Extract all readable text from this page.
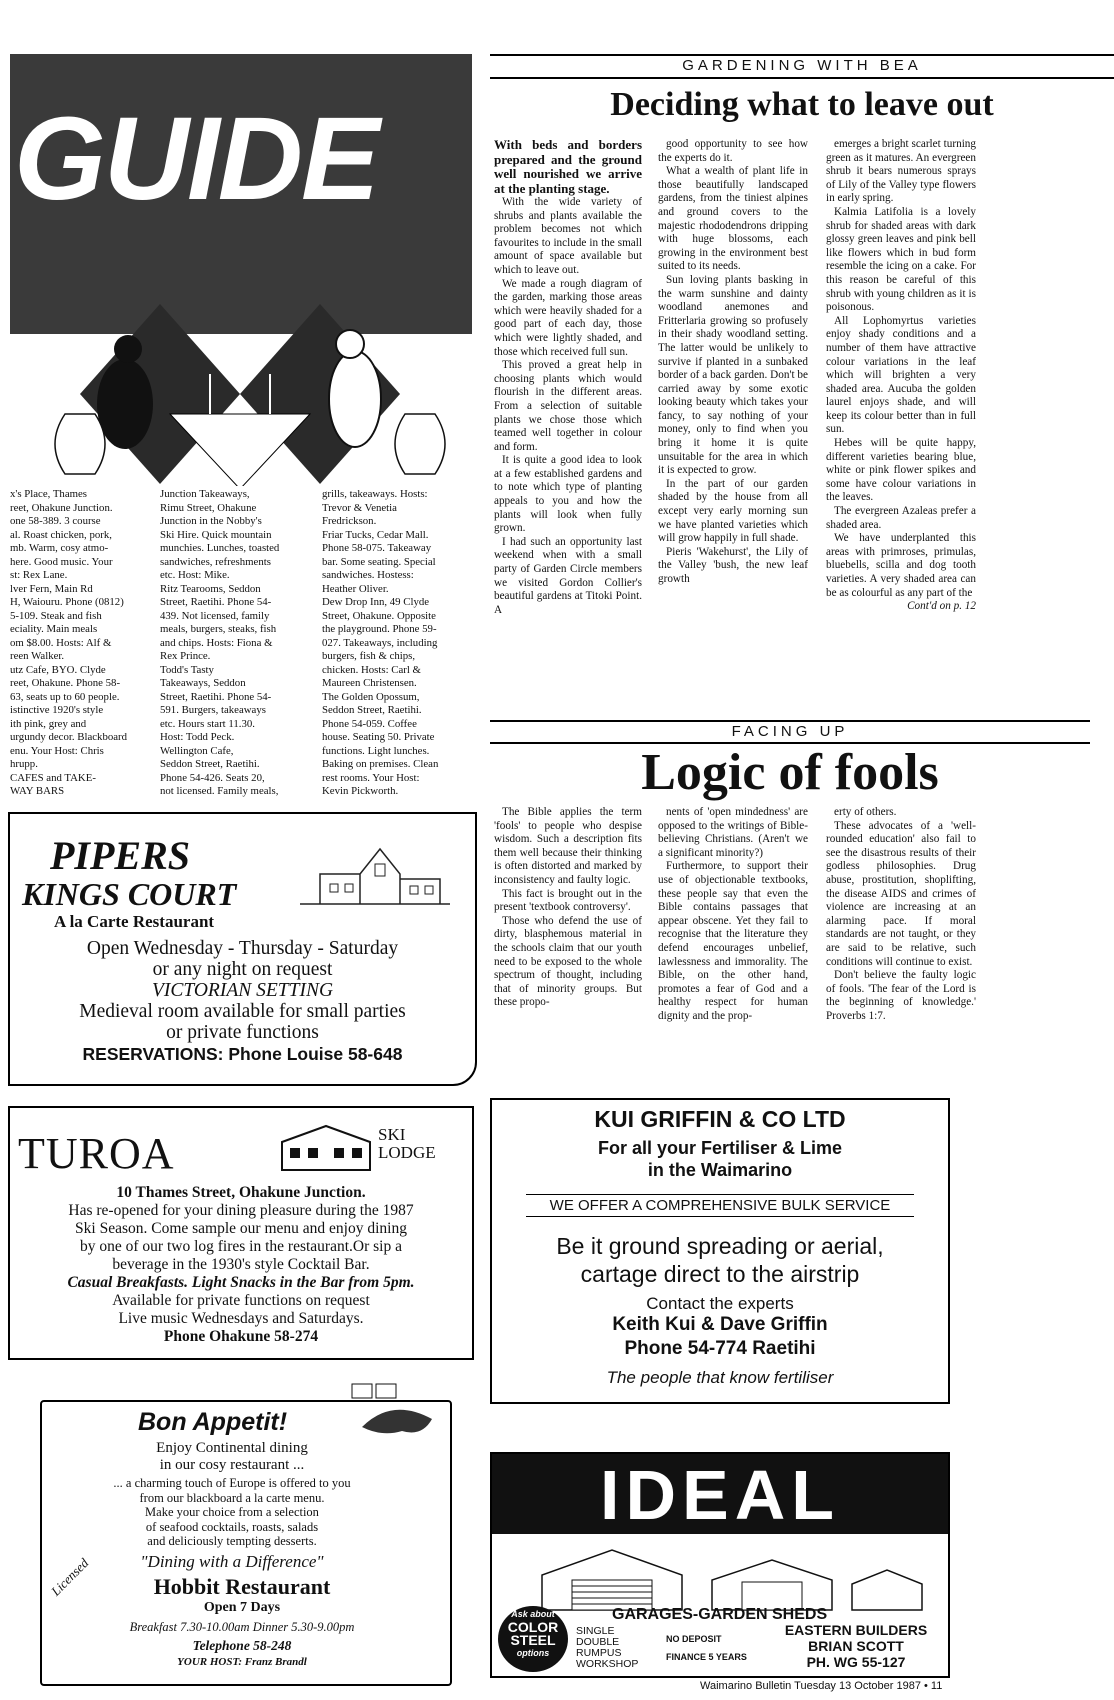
GUIDE
x's Place, Thames
reet, Ohakune Junction.
one 58-389. 3 course
al. Roast chicken, pork,
mb. Warm, cosy atmo-
here. Good music. Your
st: Rex Lane.
lver Fern, Main Rd
H, Waiouru. Phone (0812)
5-109. Steak and fish
eciality. Main meals
om $8.00. Hosts: Alf &
reen Walker.
utz Cafe, BYO. Clyde
reet, Ohakune. Phone 58-
63, seats up to 60 people.
istinctive 1920's style
ith pink, grey and
urgundy decor. Blackboard
enu. Your Host: Chris
hrupp.
CAFES and TAKE-
WAY BARS
Junction Takeaways,
Rimu Street, Ohakune
Junction in the Nobby's
Ski Hire. Quick mountain
munchies. Lunches, toasted
sandwiches, refreshments
etc. Host: Mike.
Ritz Tearooms, Seddon
Street, Raetihi. Phone 54-
439. Not licensed, family
meals, burgers, steaks, fish
and chips. Hosts: Fiona &
Rex Prince.
Todd's Tasty
Takeaways, Seddon
Street, Raetihi. Phone 54-
591. Burgers, takeaways
etc. Hours start 11.30.
Host: Todd Peck.
Wellington Cafe,
Seddon Street, Raetihi.
Phone 54-426. Seats 20,
not licensed. Family meals,
grills, takeaways. Hosts:
Trevor & Venetia
Fredrickson.
Friar Tucks, Cedar Mall.
Phone 58-075. Takeaway
bar. Some seating. Special
sandwiches. Hostess:
Heather Oliver.
Dew Drop Inn, 49 Clyde
Street, Ohakune. Opposite
the playground. Phone 59-
027. Takeaways, including
burgers, fish & chips,
chicken. Hosts: Carl &
Maureen Christensen.
The Golden Opossum,
Seddon Street, Raetihi.
Phone 54-059. Coffee
house. Seating 50. Private
functions. Light lunches.
Baking on premises. Clean
rest rooms. Your Host:
Kevin Pickworth.
GARDENING WITH BEA
Deciding what to leave out

With beds and borders prepared and the ground well nourished we arrive at the planting stage.

With the wide variety of shrubs and plants available the problem becomes not which favourites to include in the small amount of space available but which to leave out.

We made a rough diagram of the garden, marking those areas which were heavily shaded for a good part of each day, those which were lightly shaded, and those which received full sun.

This proved a great help in choosing plants which would flourish in the different areas. From a selection of suitable plants we chose those which teamed well together in colour and form.

It is quite a good idea to look at a few established gardens and to note which type of planting appeals to you and how the plants will look when fully grown.

I had such an opportunity last weekend when with a small party of Garden Circle members we visited Gordon Collier's beautiful gardens at Titoki Point. A

good opportunity to see how the experts do it.

What a wealth of plant life in those beautifully landscaped gardens, from the tiniest alpines and ground covers to the majestic rhododendrons dripping with huge blossoms, each growing in the environment best suited to its needs.

Sun loving plants basking in the warm sunshine and dainty woodland anemones and Fritterlaria growing so profusely in their shady woodland setting. The latter would be unlikely to survive if planted in a sunbaked border of a back garden. Don't be carried away by some exotic looking beauty which takes your fancy, to say nothing of your money, only to find when you bring it home it is quite unsuitable for the area in which it is expected to grow.

In the part of our garden shaded by the house from all except very early morning sun we have planted varieties which will grow happily in full shade.

Pieris 'Wakehurst', the Lily of the Valley 'bush, the new leaf growth

emerges a bright scarlet turning green as it matures. An evergreen shrub it bears numerous sprays of Lily of the Valley type flowers in early spring.

Kalmia Latifolia is a lovely shrub for shaded areas with dark glossy green leaves and pink bell like flowers which in bud form resemble the icing on a cake. For this reason be careful of this shrub with young children as it is poisonous.

All Lophomyrtus varieties enjoy shady conditions and a number of them have attractive colour variations in the leaf which will brighten a very shaded area. Aucuba the golden laurel enjoys shade, and will keep its colour better than in full sun.

Hebes will be quite happy, different varieties bearing blue, white or pink flower spikes and some have colour variations in the leaves.

The evergreen Azaleas prefer a shaded area.

We have underplanted this areas with primroses, primulas, bluebells, scilla and dog tooth varieties. A very shaded area can be as colourful as any part of the

Cont'd on p. 12
FACING UP
Logic of fools

The Bible applies the term 'fools' to people who despise wisdom. Such a description fits them well because their thinking is often distorted and marked by inconsistency and faulty logic.

This fact is brought out in the present 'textbook controversy'.

Those who defend the use of dirty, blasphemous material in the schools claim that our youth need to be exposed to the whole spectrum of thought, including that of minority groups. But these propo-

nents of 'open mindedness' are opposed to the writings of Bible-believing Christians. (Aren't we a significant minority?)

Furthermore, to support their use of objectionable textbooks, these people say that even the Bible contains passages that appear obscene. Yet they fail to recognise that the literature they defend encourages unbelief, lawlessness and immorality. The Bible, on the other hand, promotes a fear of God and a healthy respect for human dignity and the prop-

erty of others.

These advocates of a 'well-rounded education' also fail to see the disastrous results of their godless philosophies. Drug abuse, prostitution, shoplifting, the disease AIDS and crimes of violence are increasing at an alarming pace. If moral standards are not taught, or they are said to be relative, such conditions will continue to exist.

Don't believe the faulty logic of fools. 'The fear of the Lord is the beginning of knowledge.' Proverbs 1:7.

PIPERS
KINGS COURT
A la Carte Restaurant
Open Wednesday - Thursday - Saturday
or any night on request
VICTORIAN SETTING
Medieval room available for small parties
or private functions
RESERVATIONS: Phone Louise 58-648
TUROA	SKI
LODGE
10 Thames Street, Ohakune Junction.
Has re-opened for your dining pleasure during the 1987
Ski Season. Come sample our menu and enjoy dining
by one of our two log fires in the restaurant.Or sip a
beverage in the 1930's style Cocktail Bar.
Casual Breakfasts. Light Snacks in the Bar from 5pm.
Available for private functions on request
Live music Wednesdays and Saturdays.
Phone Ohakune 58-274
Bon Appetit!
Enjoy Continental dining
in our cosy restaurant ...
... a charming touch of Europe is offered to you
from our blackboard a la carte menu.
Make your choice from a selection
of seafood cocktails, roasts, salads
and deliciously tempting desserts.
"Dining with a Difference"
Licensed	Hobbit Restaurant
Open 7 Days
Breakfast 7.30-10.00am Dinner 5.30-9.00pm
Telephone 58-248
YOUR HOST: Franz Brandl
KUI GRIFFIN & CO LTD
For all your Fertiliser & Lime
in the Waimarino
WE OFFER A COMPREHENSIVE BULK SERVICE
Be it ground spreading or aerial,
cartage direct to the airstrip
Contact the experts
Keith Kui & Dave Griffin
Phone 54-774 Raetihi
The people that know fertiliser
IDEAL
Ask about
COLOR
STEEL
options
GARAGES-GARDEN SHEDS
SINGLE
DOUBLE
RUMPUS
WORKSHOP
NO DEPOSIT
FINANCE 5 YEARS
EASTERN BUILDERS
BRIAN SCOTT
PH. WG 55-127
Waimarino Bulletin Tuesday 13 October 1987 • 11
